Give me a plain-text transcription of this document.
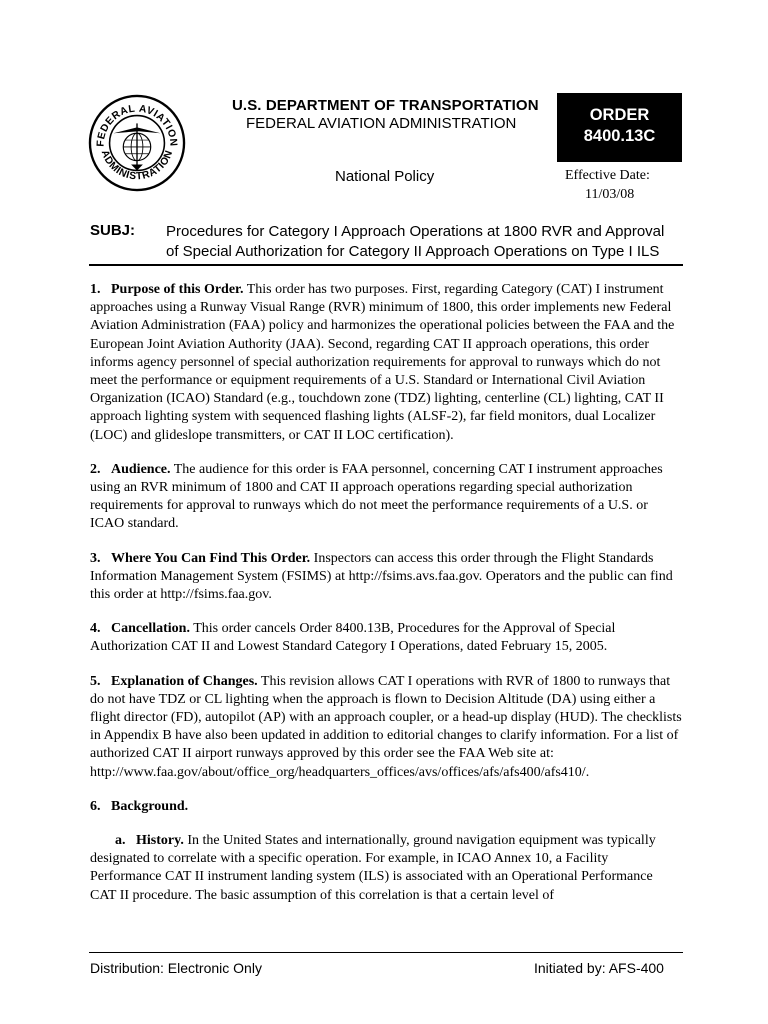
FEDERAL AVIATION
ADMINISTRATION
U.S. DEPARTMENT OF TRANSPORTATION
FEDERAL AVIATION ADMINISTRATION
National Policy
ORDER
8400.13C
Effective Date:
11/03/08
SUBJ: Procedures for Category I Approach Operations at 1800 RVR and Approval
of Special Authorization for Category II Approach Operations on Type I ILS

1. Purpose of this Order. This order has two purposes. First, regarding Category (CAT) I instrument approaches using a Runway Visual Range (RVR) minimum of 1800, this order implements new Federal Aviation Administration (FAA) policy and harmonizes the operational policies between the FAA and the European Joint Aviation Authority (JAA). Second, regarding CAT II approach operations, this order informs agency personnel of special authorization requirements for approval to runways which do not meet the performance or equipment requirements of a U.S. Standard or International Civil Aviation Organization (ICAO) Standard (e.g., touchdown zone (TDZ) lighting, centerline (CL) lighting, CAT II approach lighting system with sequenced flashing lights (ALSF-2), far field monitors, dual Localizer (LOC) and glideslope transmitters, or CAT II LOC certification).

2. Audience. The audience for this order is FAA personnel, concerning CAT I instrument approaches using an RVR minimum of 1800 and CAT II approach operations regarding special authorization requirements for approval to runways which do not meet the performance requirements of a U.S. or ICAO standard.

3. Where You Can Find This Order. Inspectors can access this order through the Flight Standards Information Management System (FSIMS) at http://fsims.avs.faa.gov. Operators and the public can find this order at http://fsims.faa.gov.

4. Cancellation. This order cancels Order 8400.13B, Procedures for the Approval of Special Authorization CAT II and Lowest Standard Category I Operations, dated February 15, 2005.

5. Explanation of Changes. This revision allows CAT I operations with RVR of 1800 to runways that do not have TDZ or CL lighting when the approach is flown to Decision Altitude (DA) using either a flight director (FD), autopilot (AP) with an approach coupler, or a head-up display (HUD). The checklists in Appendix B have also been updated in addition to editorial changes to clarify information. For a list of authorized CAT II airport runways approved by this order see the FAA Web site at: http://www.faa.gov/about/office_org/headquarters_offices/avs/offices/afs/afs400/afs410/.

6. Background.

a. History. In the United States and internationally, ground navigation equipment was typically designated to correlate with a specific operation. For example, in ICAO Annex 10, a Facility Performance CAT II instrument landing system (ILS) is associated with an Operational Performance CAT II procedure. The basic assumption of this correlation is that a certain level of

Distribution: Electronic Only	Initiated by: AFS-400
